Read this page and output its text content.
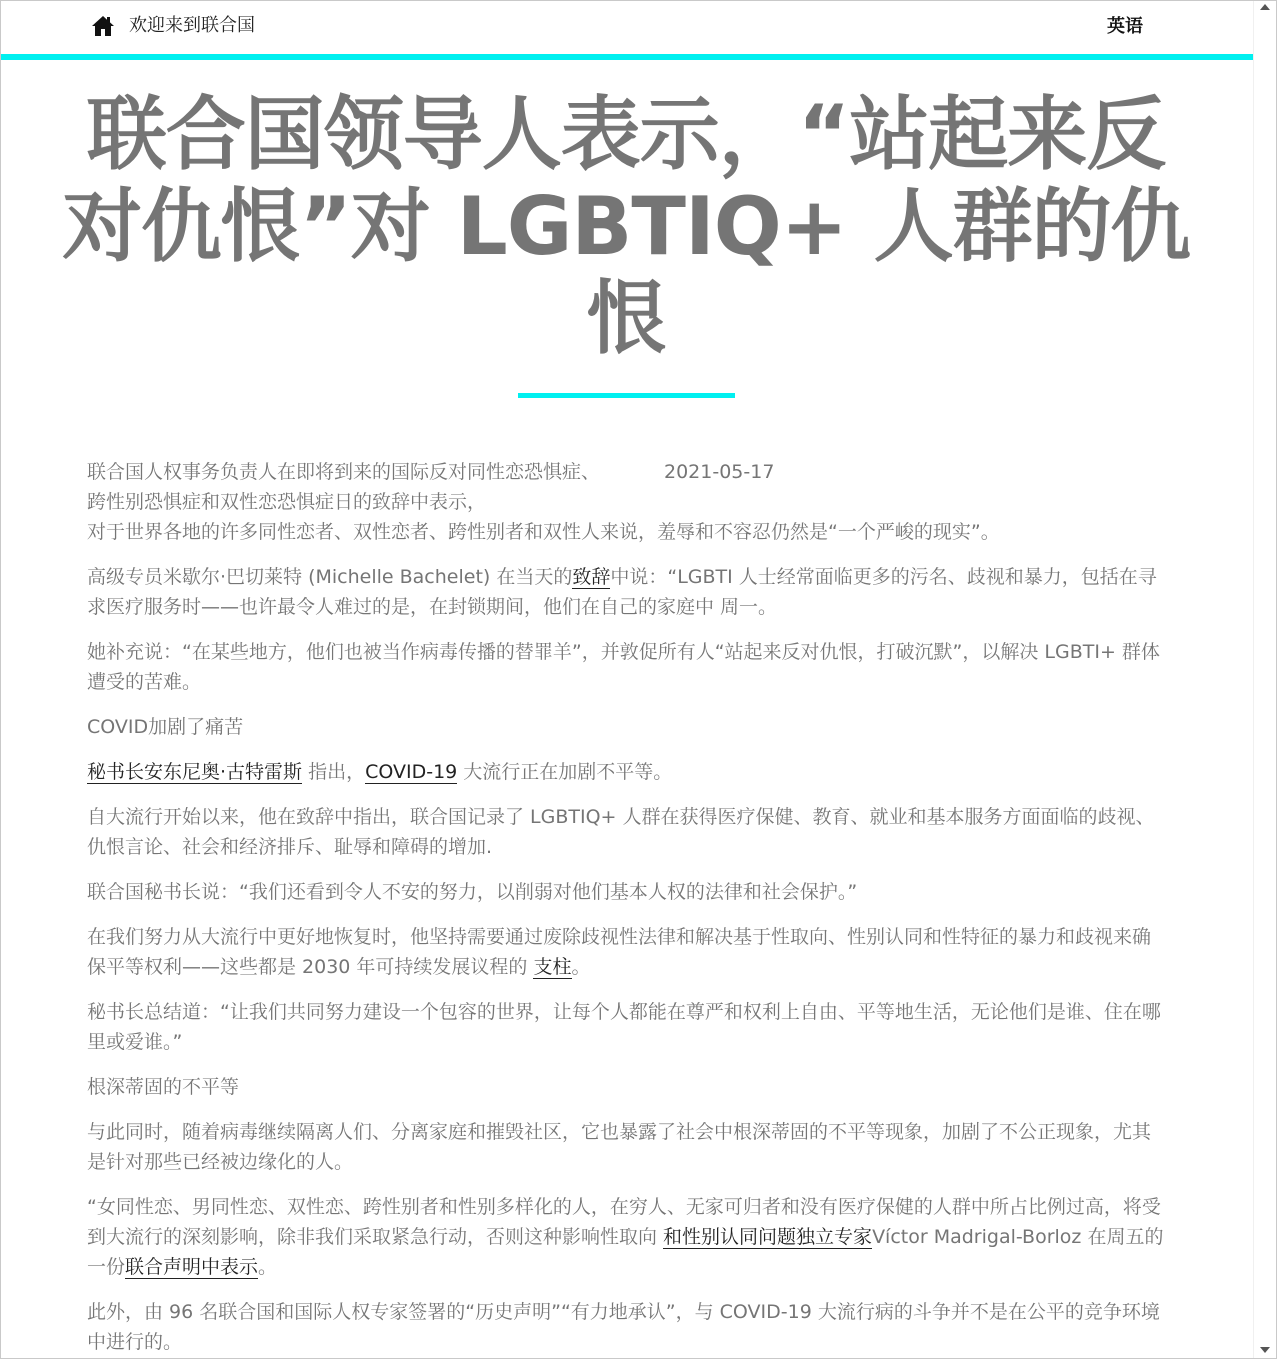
欢迎来到联合国	英语
联合国领导人表示，“站起来反对仇恨”对 LGBTIQ+ 人群的仇恨

联合国人权事务负责人在即将到来的国际反对同性恋恐惧症、跨性别恐惧症和双性恋恐惧症日的致辞中表示，
2021-05-17

对于世界各地的许多同性恋者、双性恋者、跨性别者和双性人来说，羞辱和不容忍仍然是“一个严峻的现实”。

高级专员米歇尔·巴切莱特 (Michelle Bachelet) 在当天的致辞中说：“LGBTI 人士经常面临更多的污名、歧视和暴力，包括在寻求医疗服务时——也许最令人难过的是，在封锁期间，他们在自己的家庭中 周一。

她补充说：“在某些地方，他们也被当作病毒传播的替罪羊”，并敦促所有人“站起来反对仇恨，打破沉默”，以解决 LGBTI+ 群体遭受的苦难。

COVID加剧了痛苦

秘书长安东尼奥·古特雷斯 指出，COVID-19 大流行正在加剧不平等。

自大流行开始以来，他在致辞中指出，联合国记录了 LGBTIQ+ 人群在获得医疗保健、教育、就业和基本服务方面面临的歧视、仇恨言论、社会和经济排斥、耻辱和障碍的增加.

联合国秘书长说：“我们还看到令人不安的努力，以削弱对他们基本人权的法律和社会保护。”

在我们努力从大流行中更好地恢复时，他坚持需要通过废除歧视性法律和解决基于性取向、性别认同和性特征的暴力和歧视来确保平等权利——这些都是 2030 年可持续发展议程的 支柱。

秘书长总结道：“让我们共同努力建设一个包容的世界，让每个人都能在尊严和权利上自由、平等地生活，无论他们是谁、住在哪里或爱谁。”

根深蒂固的不平等

与此同时，随着病毒继续隔离人们、分离家庭和摧毁社区，它也暴露了社会中根深蒂固的不平等现象，加剧了不公正现象，尤其是针对那些已经被边缘化的人。

“女同性恋、男同性恋、双性恋、跨性别者和性别多样化的人，在穷人、无家可归者和没有医疗保健的人群中所占比例过高，将受到大流行的深刻影响，除非我们采取紧急行动，否则这种影响性取向 和性别认同问题独立专家Víctor Madrigal-Borloz 在周五的一份联合声明中表示。

此外，由 96 名联合国和国际人权专家签署的“历史声明”“有力地承认”，与 COVID-19 大流行病的斗争并不是在公平的竞争环境中进行的。
